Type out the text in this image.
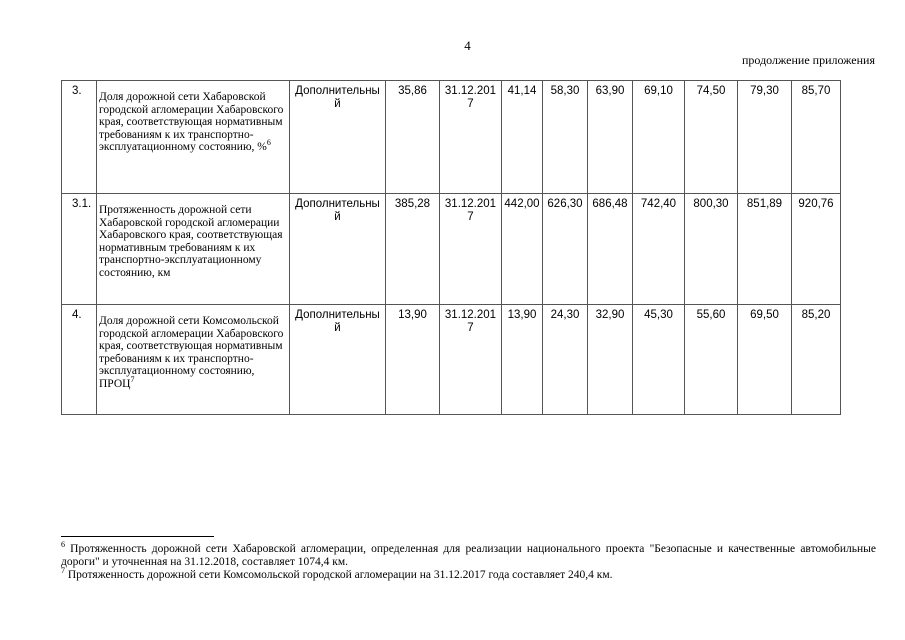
4
продолжение приложения
3.	Доля дорожной сети Хабаровской городской агломерации Хабаровского края, соответствующая нормативным требованиям к их транспортно-эксплуатационному состоянию, %$^6$	Дополнительный	35,86	31.12.2017	41,14	58,30	63,90	69,10	74,50	79,30	85,70
3.1.	Протяженность дорожной сети Хабаровской городской агломерации Хабаровского края, соответствующая нормативным требованиям к их транспортно-эксплуатационному состоянию, км	Дополнительный	385,28	31.12.2017	442,00	626,30	686,48	742,40	800,30	851,89	920,76
4.	Доля дорожной сети Комсомольской городской агломерации Хабаровского края, соответствующая нормативным требованиям к их транспортно-эксплуатационному состоянию, ПРОЦ$^7$	Дополнительный	13,90	31.12.2017	13,90	24,30	32,90	45,30	55,60	69,50	85,20
$^6$ Протяженность дорожной сети Хабаровской агломерации, определенная для реализации национального проекта "Безопасные и качественные автомобильные дороги" и уточненная на 31.12.2018, составляет 1074,4 км.
$^7$ Протяженность дорожной сети Комсомольской городской агломерации на 31.12.2017 года составляет 240,4 км.
